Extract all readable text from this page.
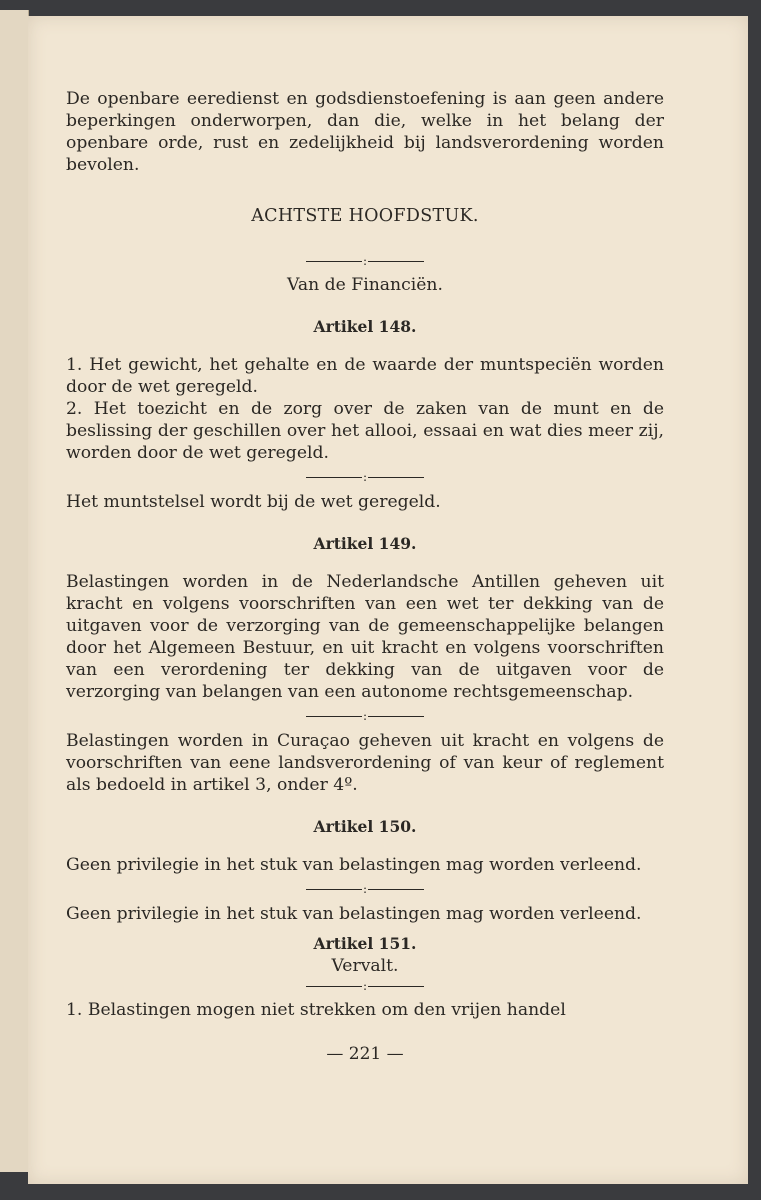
De openbare eeredienst en godsdienstoefening is aan geen andere beperkingen onderworpen, dan die, welke in het belang der openbare orde, rust en zedelijkheid bij landsverordening worden bevolen.

ACHTSTE HOOFDSTUK.

:

Van de Financiën.

Artikel 148.

1. Het gewicht, het gehalte en de waarde der muntspeciën worden door de wet geregeld.

2. Het toezicht en de zorg over de zaken van de munt en de beslissing der geschillen over het allooi, essaai en wat dies meer zij, worden door de wet geregeld.

:

Het muntstelsel wordt bij de wet geregeld.

Artikel 149.

Belastingen worden in de Nederlandsche Antillen geheven uit kracht en volgens voorschriften van een wet ter dekking van de uitgaven voor de verzorging van de gemeenschappelijke belangen door het Algemeen Bestuur, en uit kracht en volgens voorschriften van een verordening ter dekking van de uitgaven voor de verzorging van belangen van een autonome rechtsgemeenschap.

:

Belastingen worden in Curaçao geheven uit kracht en volgens de voorschriften van eene landsverordening of van keur of reglement als bedoeld in artikel 3, onder 4º.

Artikel 150.

Geen privilegie in het stuk van belastingen mag worden verleend.

:

Geen privilegie in het stuk van belastingen mag worden verleend.

Artikel 151.

Vervalt.

:

1. Belastingen mogen niet strekken om den vrijen handel

— 221 —
